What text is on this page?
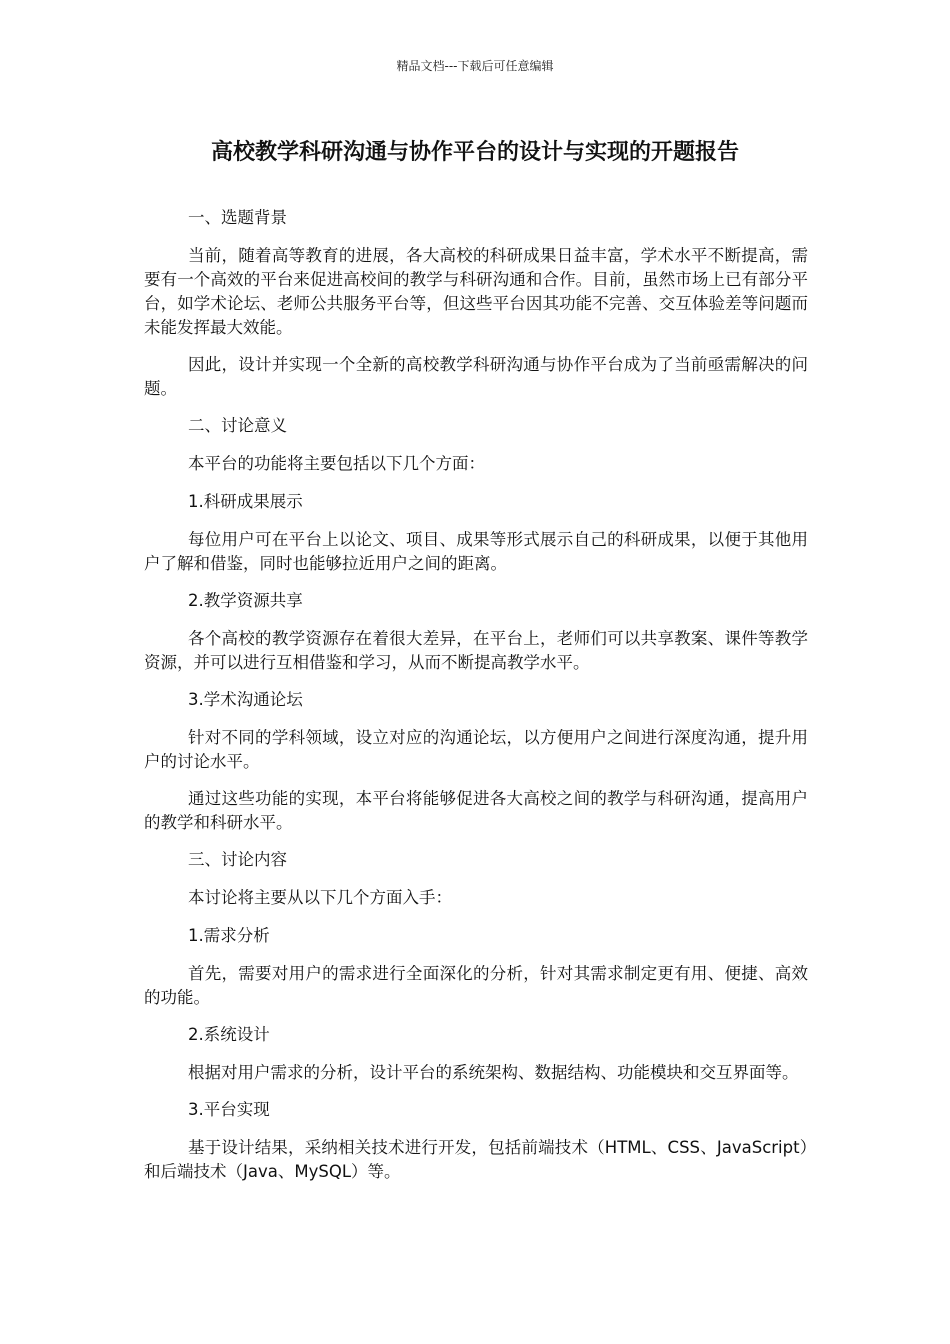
精品文档---下载后可任意编辑
高校教学科研沟通与协作平台的设计与实现的开题报告

一、选题背景

当前，随着高等教育的进展，各大高校的科研成果日益丰富，学术水平不断提高，需要有一个高效的平台来促进高校间的教学与科研沟通和合作。目前，虽然市场上已有部分平台，如学术论坛、老师公共服务平台等，但这些平台因其功能不完善、交互体验差等问题而未能发挥最大效能。

因此，设计并实现一个全新的高校教学科研沟通与协作平台成为了当前亟需解决的问题。

二、讨论意义

本平台的功能将主要包括以下几个方面：

1.科研成果展示

每位用户可在平台上以论文、项目、成果等形式展示自己的科研成果，以便于其他用户了解和借鉴，同时也能够拉近用户之间的距离。

2.教学资源共享

各个高校的教学资源存在着很大差异，在平台上，老师们可以共享教案、课件等教学资源，并可以进行互相借鉴和学习，从而不断提高教学水平。

3.学术沟通论坛

针对不同的学科领域，设立对应的沟通论坛，以方便用户之间进行深度沟通，提升用户的讨论水平。

通过这些功能的实现，本平台将能够促进各大高校之间的教学与科研沟通，提高用户的教学和科研水平。

三、讨论内容

本讨论将主要从以下几个方面入手：

1.需求分析

首先，需要对用户的需求进行全面深化的分析，针对其需求制定更有用、便捷、高效的功能。

2.系统设计

根据对用户需求的分析，设计平台的系统架构、数据结构、功能模块和交互界面等。

3.平台实现

基于设计结果，采纳相关技术进行开发，包括前端技术（HTML、CSS、JavaScript）和后端技术（Java、MySQL）等。
